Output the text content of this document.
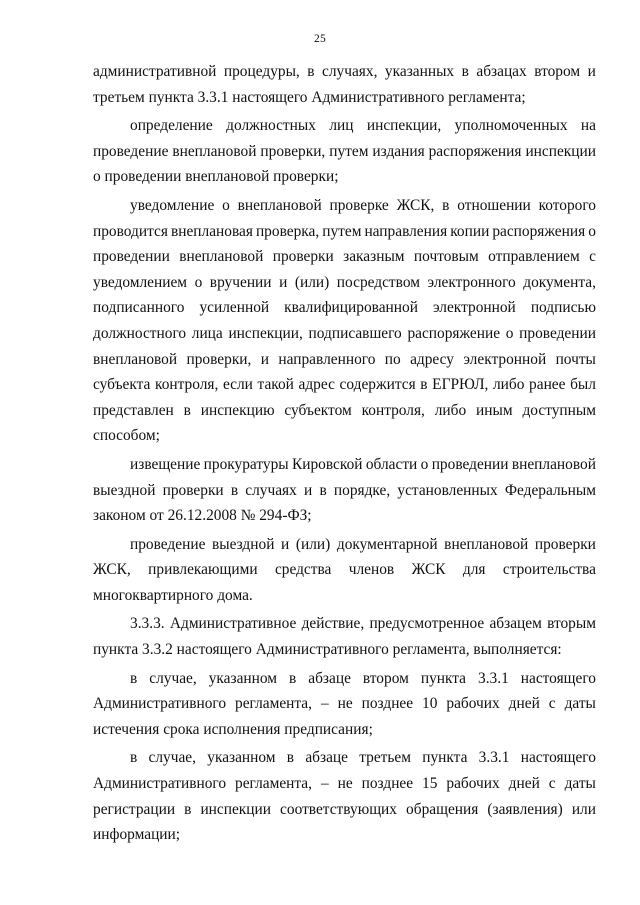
25
административной процедуры, в случаях, указанных в абзацах втором и
третьем пункта 3.3.1 настоящего Административного регламента;
определение должностных лиц инспекции, уполномоченных на
проведение внеплановой проверки, путем издания распоряжения инспекции
о проведении внеплановой проверки;
уведомление о внеплановой проверке ЖСК, в отношении которого
проводится внеплановая проверка, путем направления копии распоряжения о
проведении внеплановой проверки заказным почтовым отправлением с
уведомлением о вручении и (или) посредством электронного документа,
подписанного усиленной квалифицированной электронной подписью
должностного лица инспекции, подписавшего распоряжение о проведении
внеплановой проверки, и направленного по адресу электронной почты
субъекта контроля, если такой адрес содержится в ЕГРЮЛ, либо ранее был
представлен в инспекцию субъектом контроля, либо иным доступным
способом;
извещение прокуратуры Кировской области о проведении внеплановой
выездной проверки в случаях и в порядке, установленных Федеральным
законом от 26.12.2008 № 294-ФЗ;
проведение выездной и (или) документарной внеплановой проверки
ЖСК, привлекающими средства членов ЖСК для строительства
многоквартирного дома.
3.3.3. Административное действие, предусмотренное абзацем вторым
пункта 3.3.2 настоящего Административного регламента, выполняется:
в случае, указанном в абзаце втором пункта 3.3.1 настоящего
Административного регламента, – не позднее 10 рабочих дней с даты
истечения срока исполнения предписания;
в случае, указанном в абзаце третьем пункта 3.3.1 настоящего
Административного регламента, – не позднее 15 рабочих дней с даты
регистрации в инспекции соответствующих обращения (заявления) или
информации;
